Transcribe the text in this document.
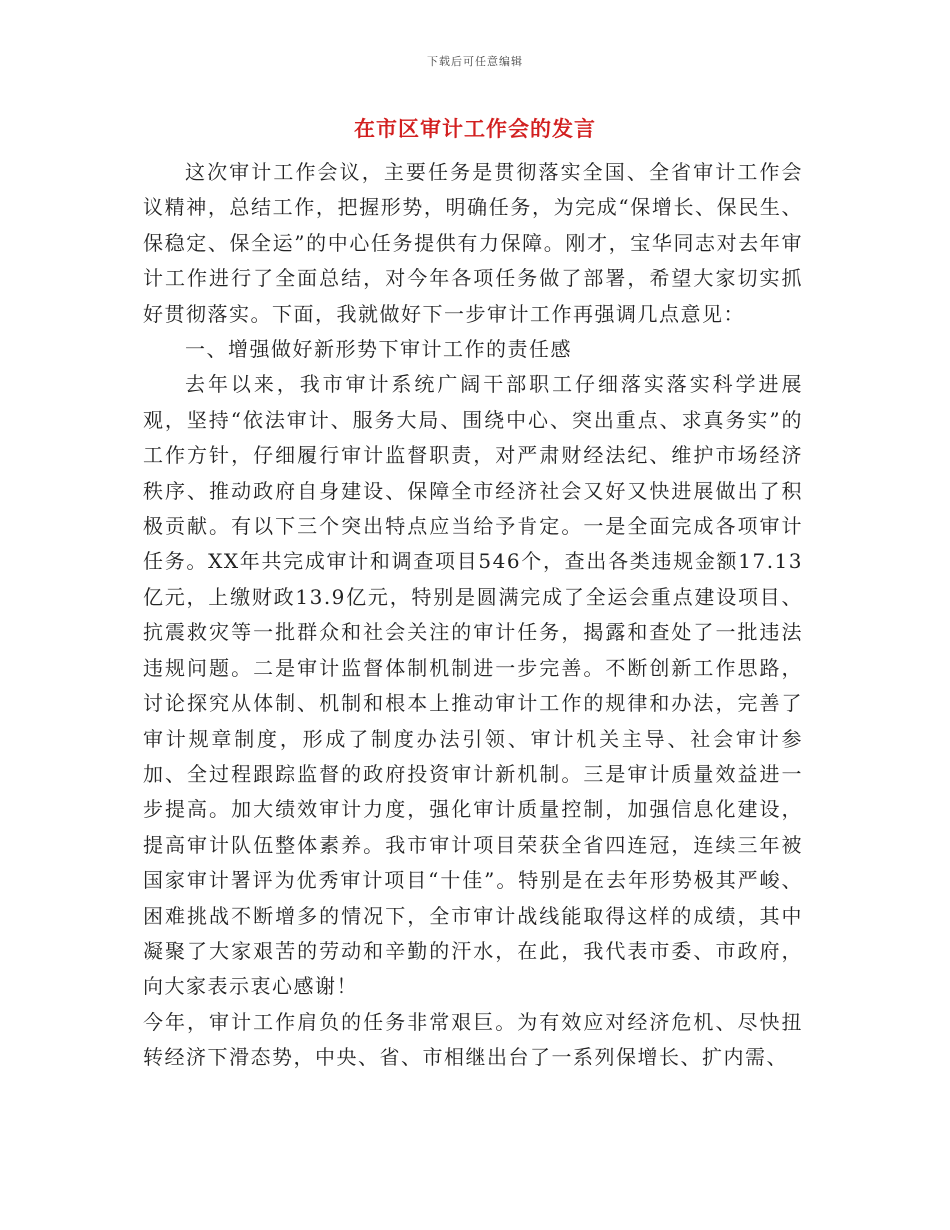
下载后可任意编辑
在市区审计工作会的发言

这次审计工作会议，主要任务是贯彻落实全国、全省审计工作会议精神，总结工作，把握形势，明确任务，为完成“保增长、保民生、保稳定、保全运”的中心任务提供有力保障。刚才，宝华同志对去年审计工作进行了全面总结，对今年各项任务做了部署，希望大家切实抓好贯彻落实。下面，我就做好下一步审计工作再强调几点意见：

一、增强做好新形势下审计工作的责任感

去年以来，我市审计系统广阔干部职工仔细落实落实科学进展观，坚持“依法审计、服务大局、围绕中心、突出重点、求真务实”的工作方针，仔细履行审计监督职责，对严肃财经法纪、维护市场经济秩序、推动政府自身建设、保障全市经济社会又好又快进展做出了积极贡献。有以下三个突出特点应当给予肯定。一是全面完成各项审计任务。XX年共完成审计和调查项目546个，查出各类违规金额17.13亿元，上缴财政13.9亿元，特别是圆满完成了全运会重点建设项目、抗震救灾等一批群众和社会关注的审计任务，揭露和查处了一批违法违规问题。二是审计监督体制机制进一步完善。不断创新工作思路，讨论探究从体制、机制和根本上推动审计工作的规律和办法，完善了审计规章制度，形成了制度办法引领、审计机关主导、社会审计参加、全过程跟踪监督的政府投资审计新机制。三是审计质量效益进一步提高。加大绩效审计力度，强化审计质量控制，加强信息化建设，提高审计队伍整体素养。我市审计项目荣获全省四连冠，连续三年被国家审计署评为优秀审计项目“十佳”。特别是在去年形势极其严峻、困难挑战不断增多的情况下，全市审计战线能取得这样的成绩，其中凝聚了大家艰苦的劳动和辛勤的汗水，在此，我代表市委、市政府，向大家表示衷心感谢！

今年，审计工作肩负的任务非常艰巨。为有效应对经济危机、尽快扭转经济下滑态势，中央、省、市相继出台了一系列保增长、扩内需、
